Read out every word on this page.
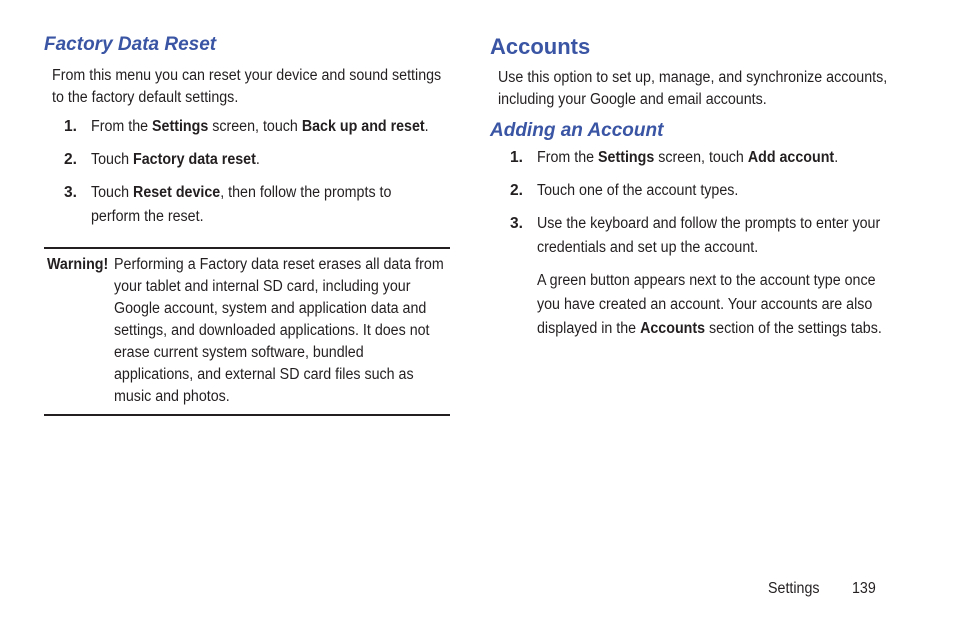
Factory Data Reset

From this menu you can reset your device and sound settings to the factory default settings.

1. From the Settings screen, touch Back up and reset.
2. Touch Factory data reset.
3. Touch Reset device, then follow the prompts to perform the reset.
Warning! Performing a Factory data reset erases all data from your tablet and internal SD card, including your Google account, system and application data and settings, and downloaded applications. It does not erase current system software, bundled applications, and external SD card files such as music and photos.

Accounts

Use this option to set up, manage, and synchronize accounts, including your Google and email accounts.

Adding an Account
1. From the Settings screen, touch Add account.
2. Touch one of the account types.
3. Use the keyboard and follow the prompts to enter your credentials and set up the account.
A green button appears next to the account type once you have created an account. Your accounts are also displayed in the Accounts section of the settings tabs.
Settings 139
